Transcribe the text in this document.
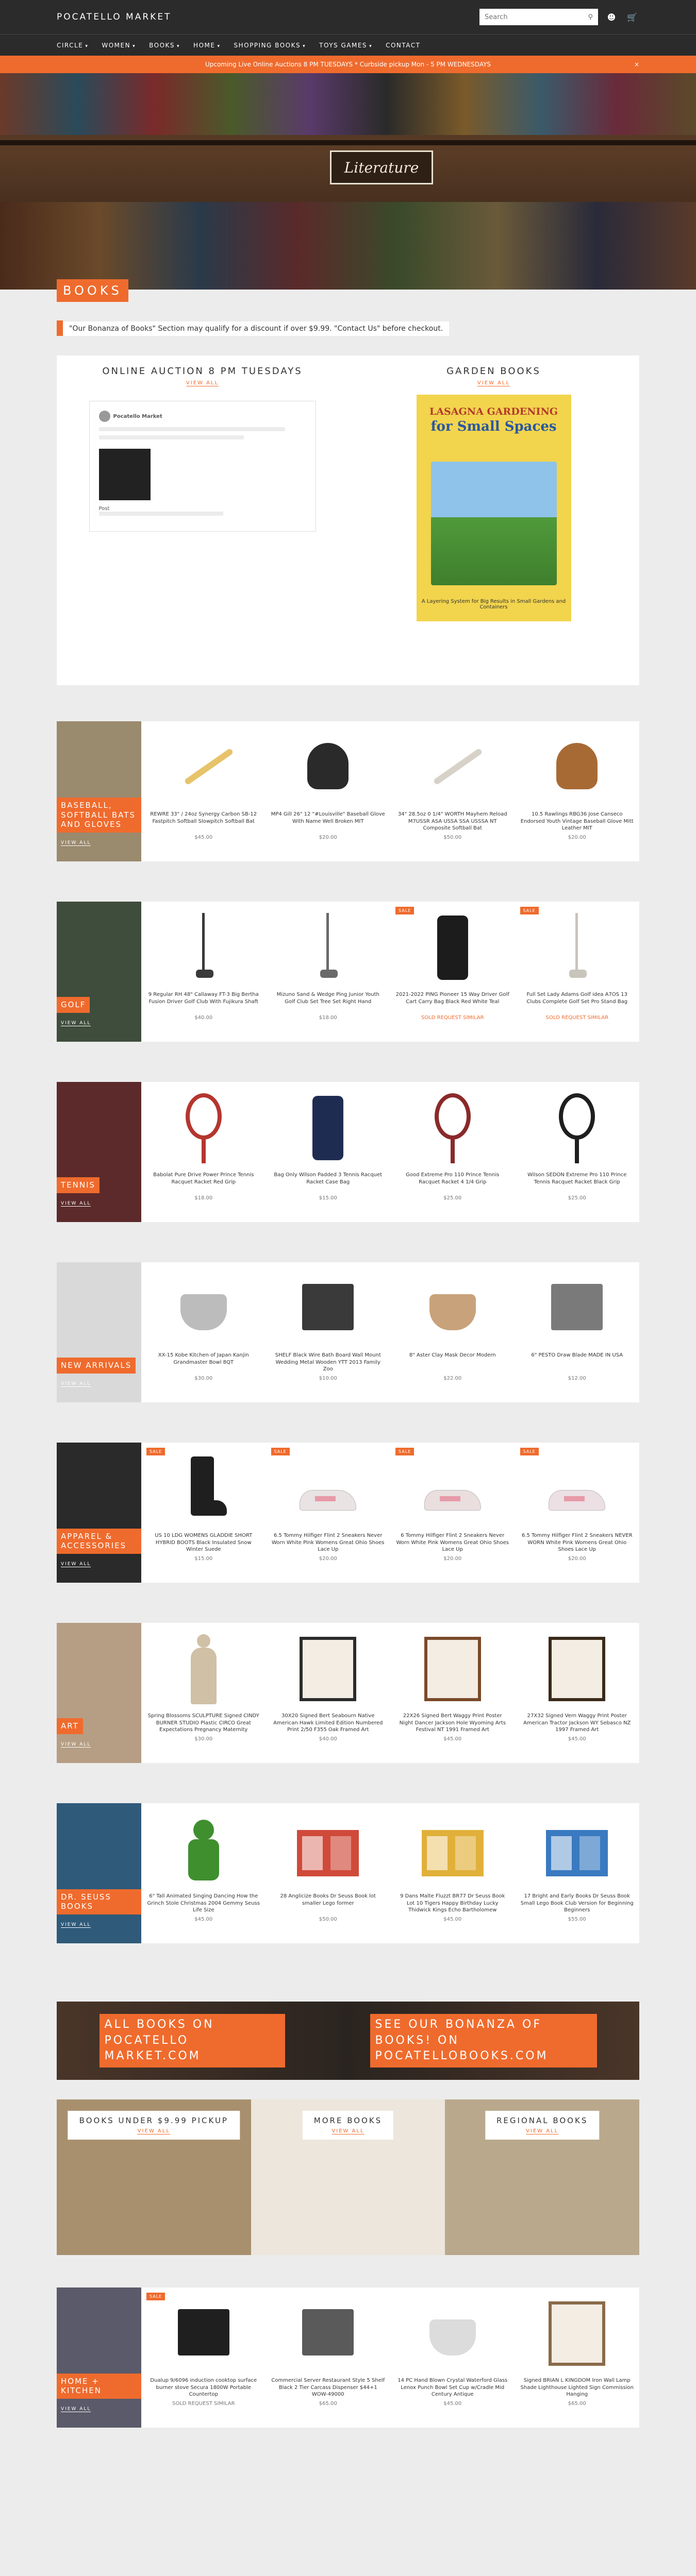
POCATELLO MARKET
Search	⚲	☻	🛒
CIRCLE ▾ WOMEN ▾ BOOKS ▾ HOME ▾ SHOPPING BOOKS ▾ TOYS GAMES ▾ CONTACT
Upcoming Live Online Auctions 8 PM TUESDAYS * Curbside pickup Mon - 5 PM WEDNESDAYS	×
Literature
BOOKS
"Our Bonanza of Books" Section may qualify for a discount if over $9.99. "Contact Us" before checkout.
ONLINE AUCTION 8 PM TUESDAYS
VIEW ALL
Pocatello Market
Post
GARDEN BOOKS
VIEW ALL
LASAGNA GARDENING
for Small Spaces
A Layering System for Big Results in Small Gardens and Containers
BASEBALL, SOFTBALL BATS AND GLOVES
VIEW ALL
REWRE 33" / 24oz Synergy Carbon SB-12 Fastpitch Softball Slowpitch Softball Bat
$45.00
MP4 Gill 26" 12 "#Louisville" Baseball Glove With Name Well Broken MIT
$20.00
34" 28.5oz 0 1/4" WORTH Mayhem Reload M7USSR ASA USSA SSA USSSA NT Composite Softball Bat
$50.00
10.5 Rawlings RBG36 Jose Canseco Endorsed Youth Vintage Baseball Glove Mitt Leather MIT
$20.00
GOLF
VIEW ALL
9 Regular RH 48" Callaway FT-3 Big Bertha Fusion Driver Golf Club With Fujikura Shaft
$40.00
Mizuno Sand & Wedge Ping Junior Youth Golf Club Set Tree Set Right Hand
$18.00
SALE
2021-2022 PING Pioneer 15 Way Driver Golf Cart Carry Bag Black Red White Teal
SOLD REQUEST SIMILAR
SALE
Full Set Lady Adams Golf idea A7OS 13 Clubs Complete Golf Set Pro Stand Bag
SOLD REQUEST SIMILAR
TENNIS
VIEW ALL
Babolat Pure Drive Power Prince Tennis Racquet Racket Red Grip
$18.00
Bag Only Wilson Padded 3 Tennis Racquet Racket Case Bag
$15.00
Good Extreme Pro 110 Prince Tennis Racquet Racket 4 1/4 Grip
$25.00
Wilson SEDON Extreme Pro 110 Prince Tennis Racquet Racket Black Grip
$25.00
NEW ARRIVALS
VIEW ALL
XX-15 Kobe Kitchen of Japan Kanjin Grandmaster Bowl 8QT
$30.00
SHELF Black Wire Bath Board Wall Mount Wedding Metal Wooden YTT 2013 Family Zoo
$10.00
8" Aster Clay Mask Decor Modern
$22.00
6" PESTO Draw Blade MADE IN USA
$12.00
APPAREL & ACCESSORIES
VIEW ALL
SALE
US 10 LDG WOMENS GLADDIE SHORT HYBRID BOOTS Black Insulated Snow Winter Suede
$15.00
SALE
6.5 Tommy Hilfiger Flint 2 Sneakers Never Worn White Pink Womens Great Ohio Shoes Lace Up
$20.00
SALE
6 Tommy Hilfiger Flint 2 Sneakers Never Worn White Pink Womens Great Ohio Shoes Lace Up
$20.00
SALE
6.5 Tommy Hilfiger Flint 2 Sneakers NEVER WORN White Pink Womens Great Ohio Shoes Lace Up
$20.00
ART
VIEW ALL
Spring Blossoms SCULPTURE Signed CINDY BURNER STUDIO Plastic CIRCO Great Expectations Pregnancy Maternity
$30.00
30X20 Signed Bert Seabourn Native American Hawk Limited Edition Numbered Print 2/50 F355 Oak Framed Art
$40.00
22X26 Signed Bert Waggy Print Poster Night Dancer Jackson Hole Wyoming Arts Festival NT 1991 Framed Art
$45.00
27X32 Signed Vern Waggy Print Poster American Tractor Jackson WY Sebasco NZ 1997 Framed Art
$45.00
DR. SEUSS BOOKS
VIEW ALL
6" Tall Animated Singing Dancing How the Grinch Stole Christmas 2004 Gemmy Seuss Life Size
$45.00
28 Anglicize Books Dr Seuss Book lot smaller Lego former
$50.00
9 Dans Malte Fluzzt BR77 Dr Seuss Book Lot 10 Tigers Happy Birthday Lucky Thidwick Kings Echo Bartholomew
$45.00
17 Bright and Early Books Dr Seuss Book Small Lego Book Club Version for Beginning Beginners
$55.00
ALL BOOKS ON POCATELLO MARKET.COM
SEE OUR BONANZA OF BOOKS! ON POCATELLOBOOKS.COM
BOOKS UNDER $9.99 PICKUP
VIEW ALL
MORE BOOKS
VIEW ALL
REGIONAL BOOKS
VIEW ALL
HOME + KITCHEN
VIEW ALL
SALE
Dualup 9/6096 induction cooktop surface burner stove Secura 1800W Portable Countertop
SOLD REQUEST SIMILAR
Commercial Server Restaurant Style 5 Shelf Black 2 Tier Carcass Dispenser $44+1 WOW-49000
$65.00
14 PC Hand Blown Crystal Waterford Glass Lenox Punch Bowl Set Cup w/Cradle Mid Century Antique
$45.00
Signed BRIAN L KINGDOM Iron Wall Lamp Shade Lighthouse Lighted Sign Commission Hanging
$65.00
